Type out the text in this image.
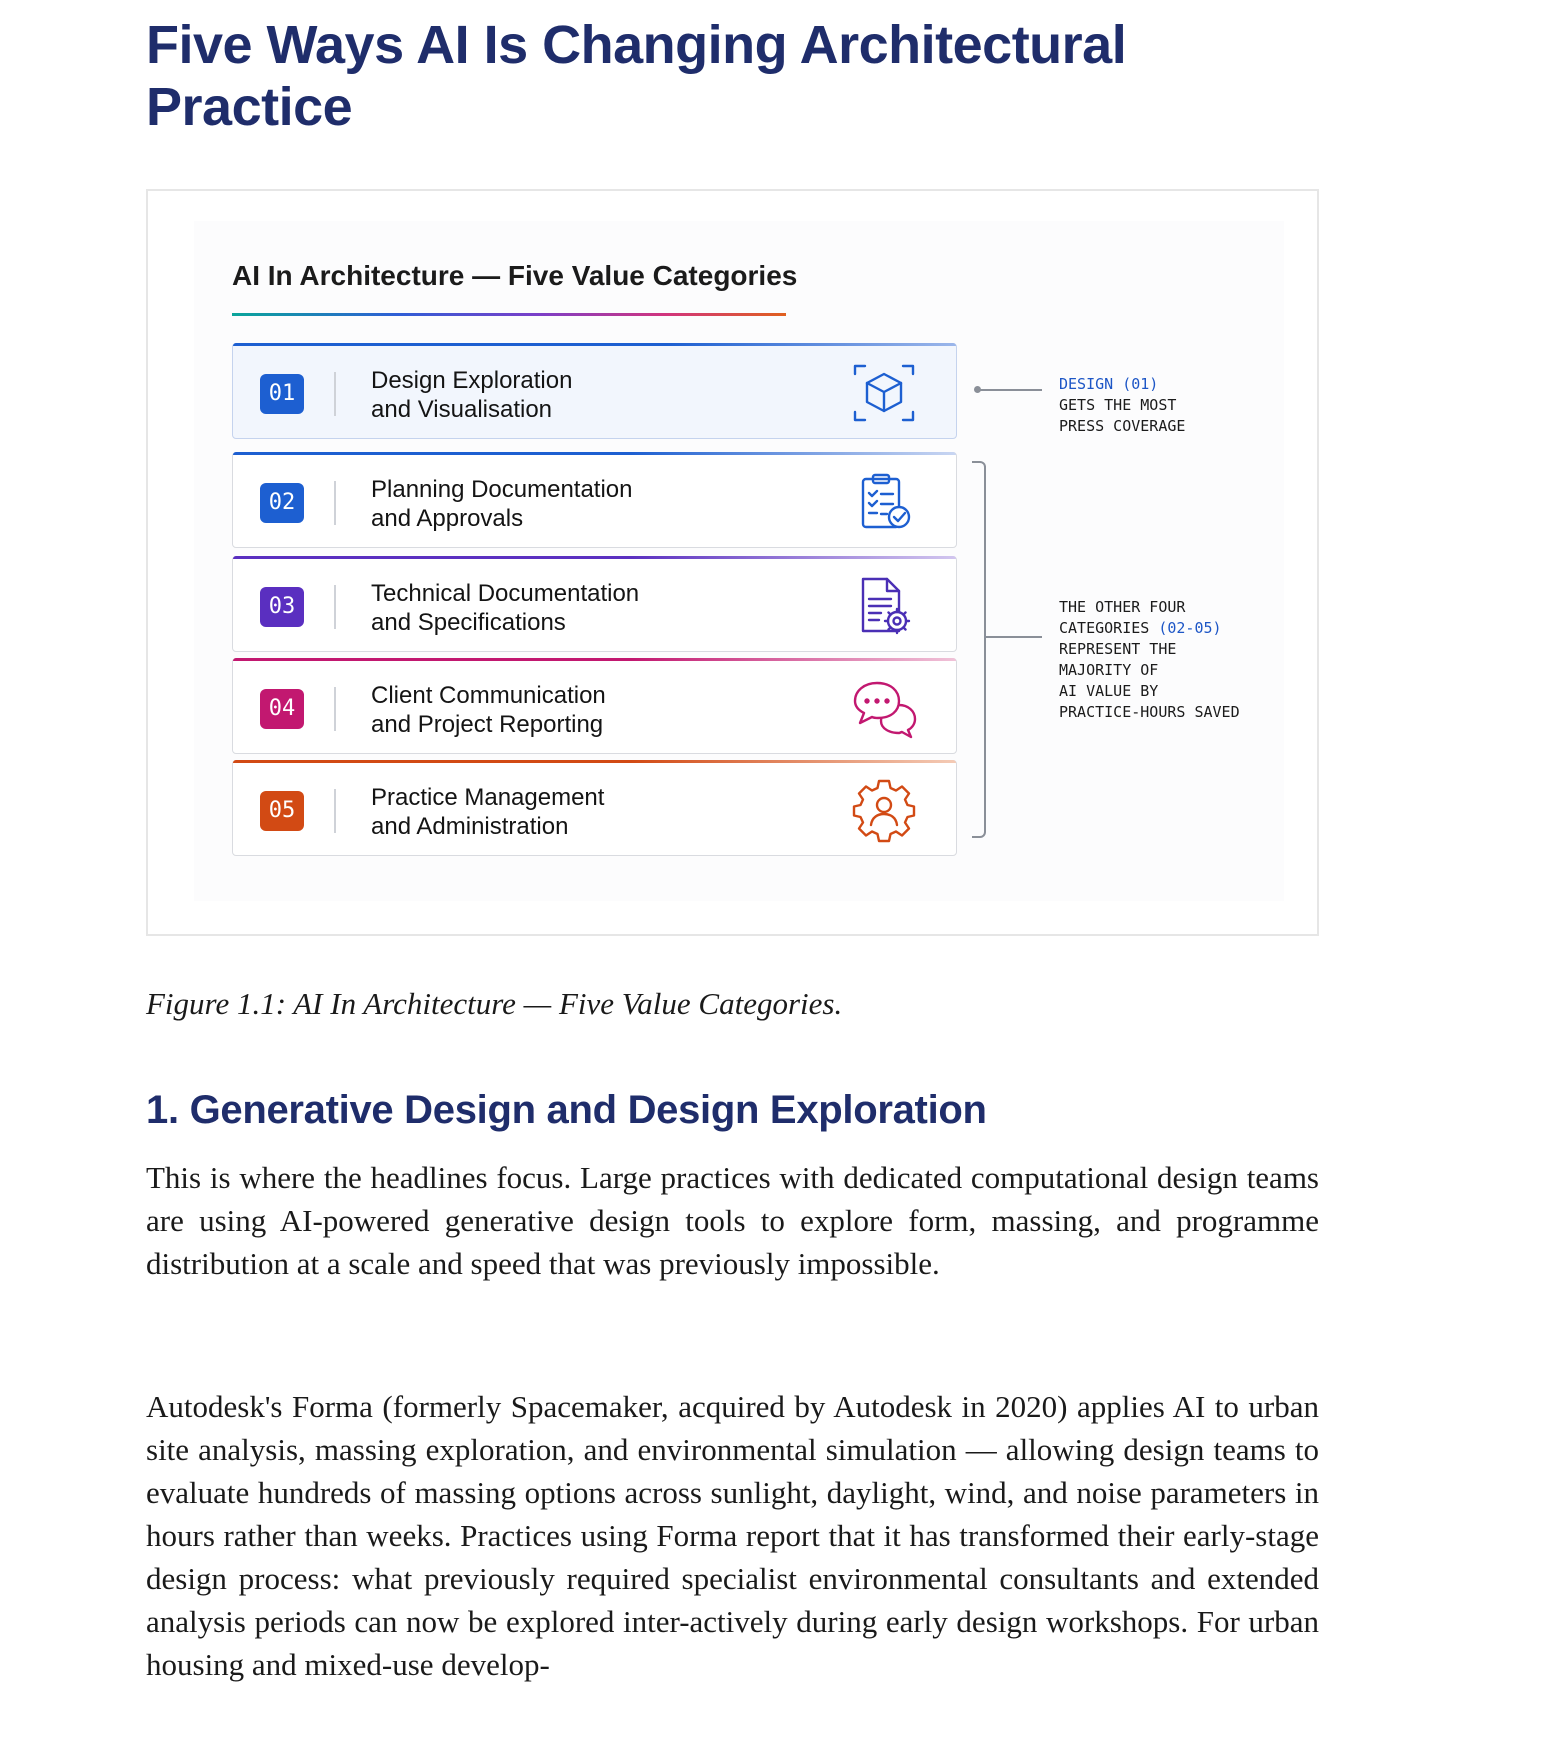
Five Ways AI Is Changing Architectural Practice
AI In Architecture — Five Value Categories
01	Design Exploration
and Visualisation
02	Planning Documentation
and Approvals
03	Technical Documentation
and Specifications
04	Client Communication
and Project Reporting
05	Practice Management
and Administration
DESIGN (01)
GETS THE MOST
PRESS COVERAGE
THE OTHER FOUR
CATEGORIES (02-05)
REPRESENT THE
MAJORITY OF
AI VALUE BY
PRACTICE-HOURS SAVED
Figure 1.1: AI In Architecture — Five Value Categories.
1. Generative Design and Design Exploration

This is where the headlines focus. Large practices with dedicated computational design teams are using AI-powered generative design tools to explore form, massing, and programme distribution at a scale and speed that was previously impossible.

Autodesk's Forma (formerly Spacemaker, acquired by Autodesk in 2020) applies AI to urban site analysis, massing exploration, and environmental simulation — allowing design teams to evaluate hundreds of massing options across sunlight, daylight, wind, and noise parameters in hours rather than weeks. Practices using Forma report that it has transformed their early-stage design process: what previously required specialist environmental consultants and extended analysis periods can now be explored inter-actively during early design workshops. For urban housing and mixed-use develop-
